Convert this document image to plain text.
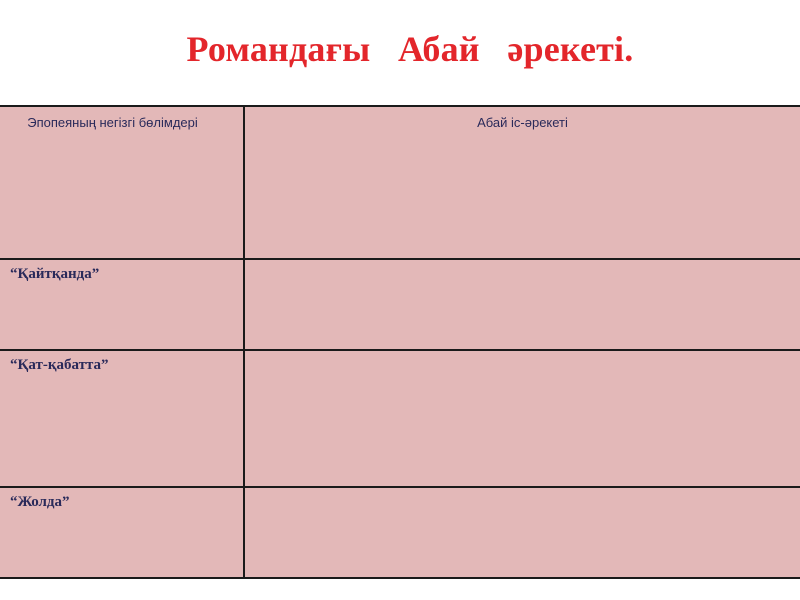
Романдағы   Абай   әрекеті.
Эпопеяның негізгі бөлімдері	Абай іс-әрекеті

“Қайтқанда”	

“Қат-қабатта”	

“Жолда”	
